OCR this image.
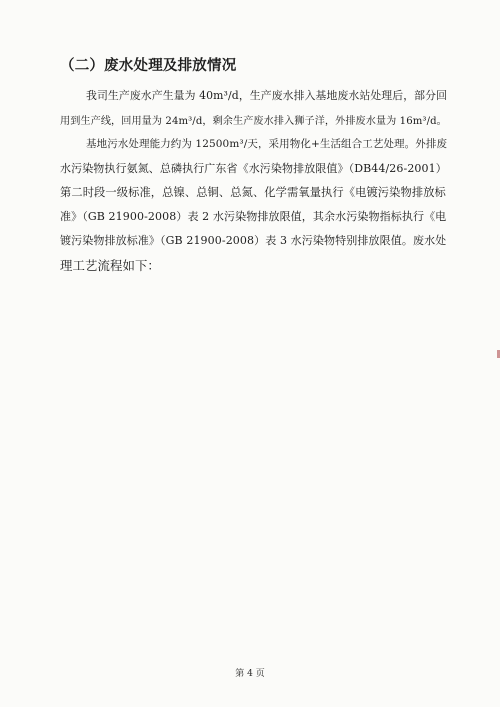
（二）废水处理及排放情况

我司生产废水产生量为 40m³/d，生产废水排入基地废水站处理后，部分回

用到生产线，回用量为 24m³/d，剩余生产废水排入狮子洋，外排废水量为 16m³/d。

基地污水处理能力约为 12500m³/天，采用物化+生活组合工艺处理。外排废

水污染物执行氨氮、总磷执行广东省《水污染物排放限值》（DB44/26-2001）

第二时段一级标准，总镍、总铜、总氮、化学需氧量执行《电镀污染物排放标

准》（GB 21900-2008）表 2 水污染物排放限值，其余水污染物指标执行《电

镀污染物排放标准》（GB 21900-2008）表 3 水污染物特别排放限值。废水处

理工艺流程如下：

第 4 页
